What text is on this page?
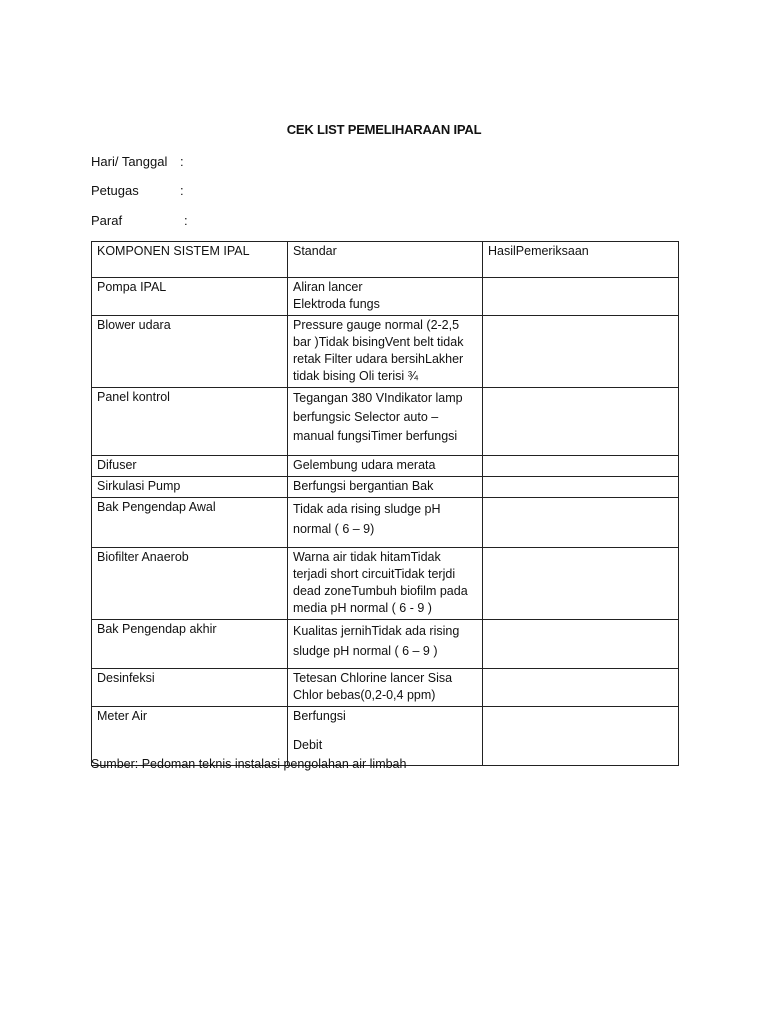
CEK LIST PEMELIHARAAN IPAL
Hari/ Tanggal :
Petugas	:
Paraf	:
KOMPONEN SISTEM IPAL	Standar	HasilPemeriksaan
Pompa IPAL	Aliran lancer
Elektroda fungs	

Blower udara	Pressure gauge normal (2-2,5
bar )Tidak bisingVent belt tidak
retak Filter udara bersihLakher
tidak bising Oli terisi ¾	

Panel kontrol	Tegangan 380 VIndikator lamp
berfungsic Selector auto –
manual fungsiTimer berfungsi	

Difuser	Gelembung udara merata	

Sirkulasi Pump	Berfungsi bergantian Bak	

Bak Pengendap Awal	Tidak ada rising sludge pH
normal ( 6 – 9)	

Biofilter Anaerob	Warna air tidak hitamTidak
terjadi short circuitTidak terjdi
dead zoneTumbuh biofilm pada
media pH normal ( 6 - 9 )	

Bak Pengendap akhir	Kualitas jernihTidak ada rising
sludge pH normal ( 6 – 9 )	

Desinfeksi	Tetesan Chlorine lancer Sisa
Chlor bebas(0,2-0,4 ppm)	

Meter Air	Berfungsi
Debit	

Sumber: Pedoman teknis instalasi pengolahan air limbah
